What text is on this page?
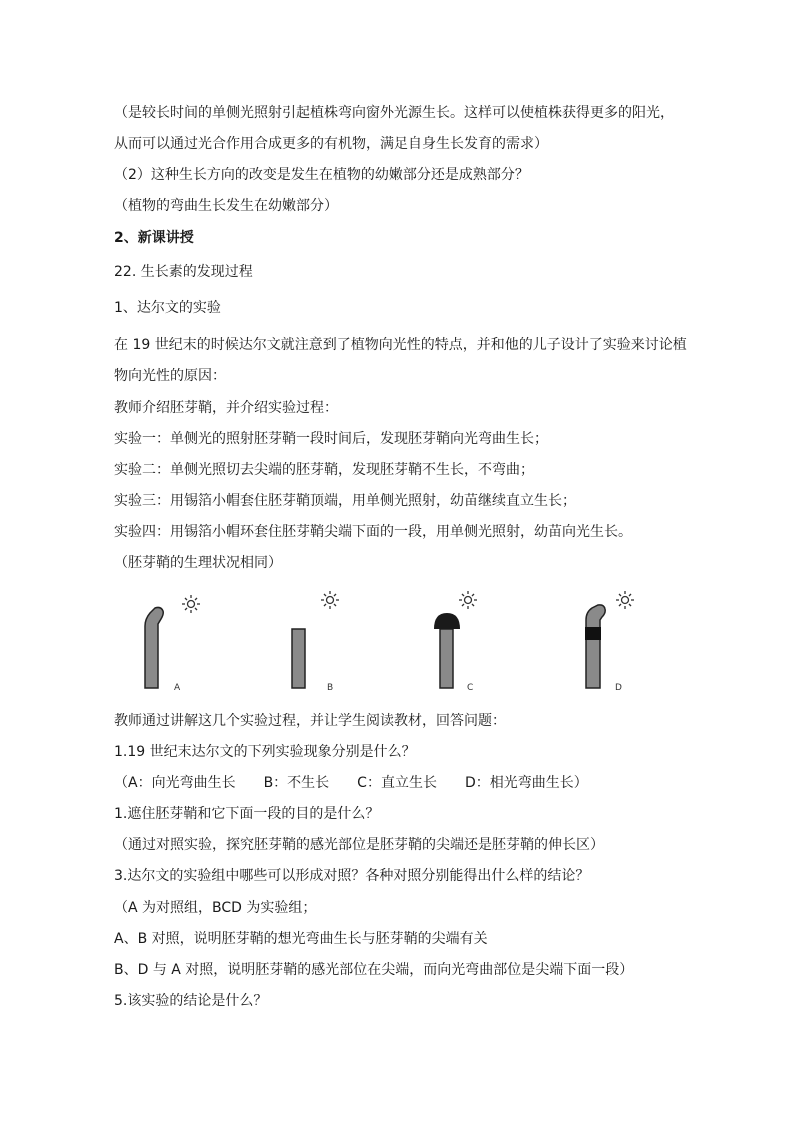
（是较长时间的单侧光照射引起植株弯向窗外光源生长。这样可以使植株获得更多的阳光，
从而可以通过光合作用合成更多的有机物，满足自身生长发育的需求）
（2）这种生长方向的改变是发生在植物的幼嫩部分还是成熟部分？
（植物的弯曲生长发生在幼嫩部分）
2、新课讲授
22. 生长素的发现过程
1、达尔文的实验
在 19 世纪末的时候达尔文就注意到了植物向光性的特点，并和他的儿子设计了实验来讨论植
物向光性的原因：
教师介绍胚芽鞘，并介绍实验过程：
实验一：单侧光的照射胚芽鞘一段时间后，发现胚芽鞘向光弯曲生长；
实验二：单侧光照切去尖端的胚芽鞘，发现胚芽鞘不生长，不弯曲；
实验三：用锡箔小帽套住胚芽鞘顶端，用单侧光照射，幼苗继续直立生长；
实验四：用锡箔小帽环套住胚芽鞘尖端下面的一段，用单侧光照射，幼苗向光生长。
（胚芽鞘的生理状况相同）
A	B	C	D
教师通过讲解这几个实验过程，并让学生阅读教材，回答问题：
1.19 世纪末达尔文的下列实验现象分别是什么？
（A：向光弯曲生长　　B：不生长　　C：直立生长　　D：相光弯曲生长）
1.遮住胚芽鞘和它下面一段的目的是什么？
（通过对照实验，探究胚芽鞘的感光部位是胚芽鞘的尖端还是胚芽鞘的伸长区）
3.达尔文的实验组中哪些可以形成对照？各种对照分别能得出什么样的结论？
（A 为对照组，BCD 为实验组；
A、B 对照，说明胚芽鞘的想光弯曲生长与胚芽鞘的尖端有关
B、D 与 A 对照，说明胚芽鞘的感光部位在尖端，而向光弯曲部位是尖端下面一段）
5.该实验的结论是什么？
